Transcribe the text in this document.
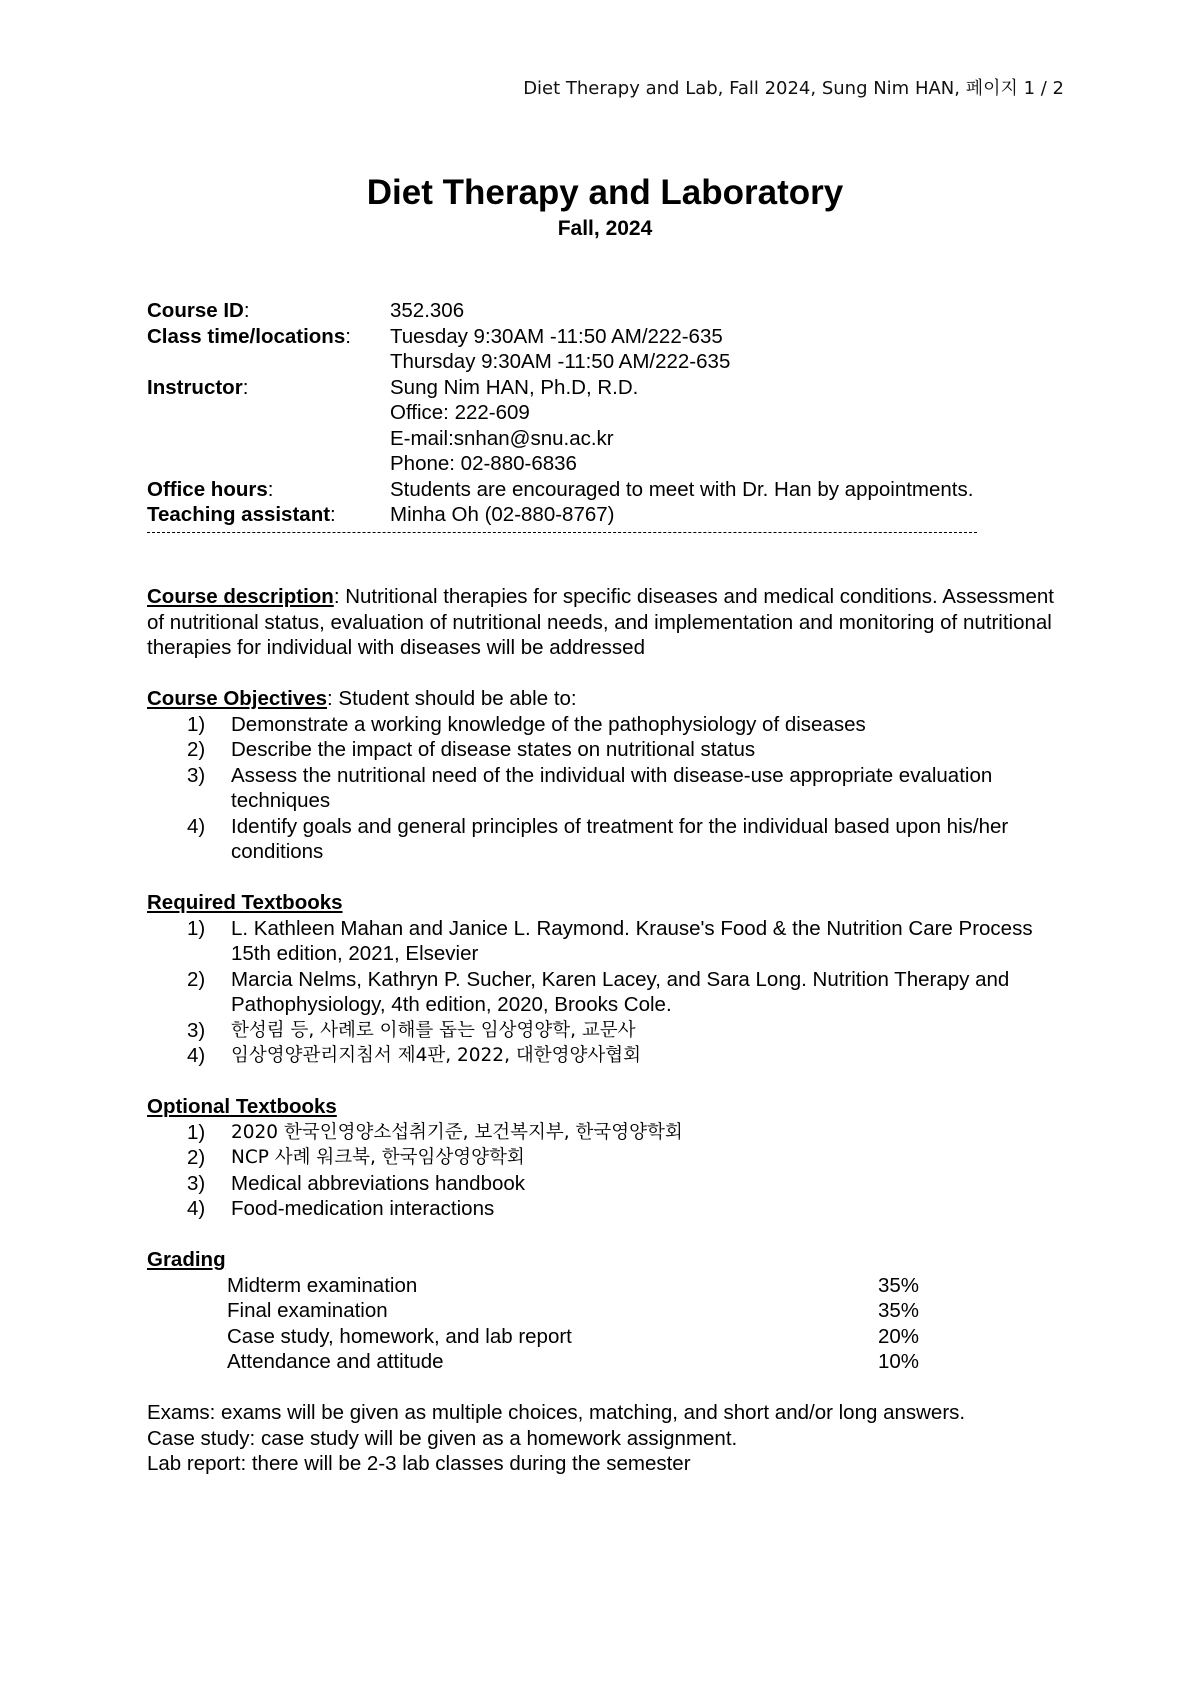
Diet Therapy and Lab, Fall 2024, Sung Nim HAN, 페이지 1 / 2
Diet Therapy and Laboratory
Fall, 2024
Course ID:	352.306
Class time/locations:	Tuesday 9:30AM -11:50 AM/222-635
Thursday 9:30AM -11:50 AM/222-635
Instructor:	Sung Nim HAN, Ph.D, R.D.
Office: 222-609
E-mail:snhan@snu.ac.kr
Phone: 02-880-6836
Office hours:	Students are encouraged to meet with Dr. Han by appointments.
Teaching assistant:	Minha Oh (02-880-8767)
Course description: Nutritional therapies for specific diseases and medical conditions. Assessment of nutritional status, evaluation of nutritional needs, and implementation and monitoring of nutritional therapies for individual with diseases will be addressed
Course Objectives: Student should be able to:
1)	Demonstrate a working knowledge of the pathophysiology of diseases
2)	Describe the impact of disease states on nutritional status
3)	Assess the nutritional need of the individual with disease-use appropriate evaluation techniques
4)	Identify goals and general principles of treatment for the individual based upon his/her conditions
Required Textbooks
1)	L. Kathleen Mahan and Janice L. Raymond. Krause's Food & the Nutrition Care Process 15th edition, 2021, Elsevier
2)	Marcia Nelms, Kathryn P. Sucher, Karen Lacey, and Sara Long. Nutrition Therapy and Pathophysiology, 4th edition, 2020, Brooks Cole.
3)	한성림 등, 사례로 이해를 돕는 임상영양학, 교문사
4)	임상영양관리지침서 제4판, 2022, 대한영양사협회
Optional Textbooks
1)	2020 한국인영양소섭취기준, 보건복지부, 한국영양학회
2)	NCP 사례 워크북, 한국임상영양학회
3)	Medical abbreviations handbook
4)	Food-medication interactions
Grading
Midterm examination	35%
Final examination	35%
Case study, homework, and lab report	20%
Attendance and attitude	10%

Exams: exams will be given as multiple choices, matching, and short and/or long answers.

Case study: case study will be given as a homework assignment.

Lab report: there will be 2-3 lab classes during the semester
